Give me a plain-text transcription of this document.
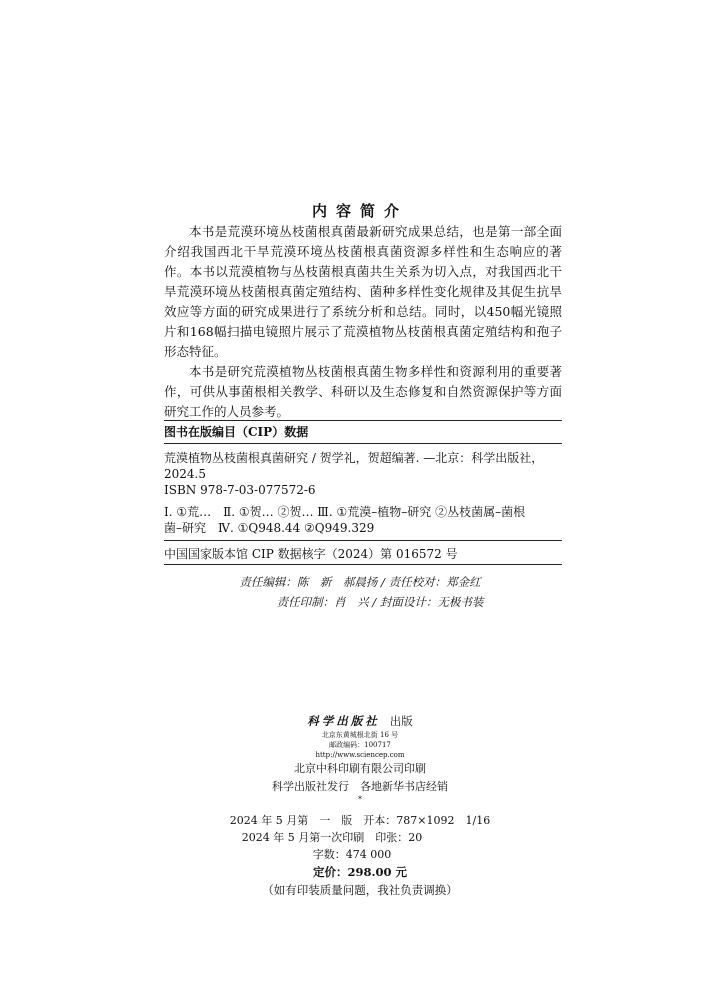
内容简介

本书是荒漠环境丛枝菌根真菌最新研究成果总结，也是第一部全面介绍我国西北干旱荒漠环境丛枝菌根真菌资源多样性和生态响应的著作。本书以荒漠植物与丛枝菌根真菌共生关系为切入点，对我国西北干旱荒漠环境丛枝菌根真菌定殖结构、菌种多样性变化规律及其促生抗旱效应等方面的研究成果进行了系统分析和总结。同时，以450幅光镜照片和168幅扫描电镜照片展示了荒漠植物丛枝菌根真菌定殖结构和孢子形态特征。

本书是研究荒漠植物丛枝菌根真菌生物多样性和资源利用的重要著作，可供从事菌根相关教学、科研以及生态修复和自然资源保护等方面研究工作的人员参考。

图书在版编目（CIP）数据
荒漠植物丛枝菌根真菌研究 / 贺学礼，贺超编著. —北京：科学出版社，
2024.5
ISBN 978-7-03-077572-6
Ⅰ. ①荒…　Ⅱ. ①贺… ②贺… Ⅲ. ①荒漠–植物–研究 ②丛枝菌属–菌根
菌–研究　Ⅳ. ①Q948.44 ②Q949.329
中国国家版本馆 CIP 数据核字（2024）第 016572 号
责任编辑：陈　新　郝晨扬 / 责任校对：郑金红
责任印制：肖　兴 / 封面设计：无极书装
科学出版社 出版
北京东黄城根北街 16 号
邮政编码：100717
http://www.sciencep.com
北京中科印刷有限公司印刷
科学出版社发行　各地新华书店经销
*
2024 年 5 月第　一　版　开本：787×1092　1/16
2024 年 5 月第一次印刷　印张：20
字数：474 000
定价：298.00 元
（如有印装质量问题，我社负责调换）
